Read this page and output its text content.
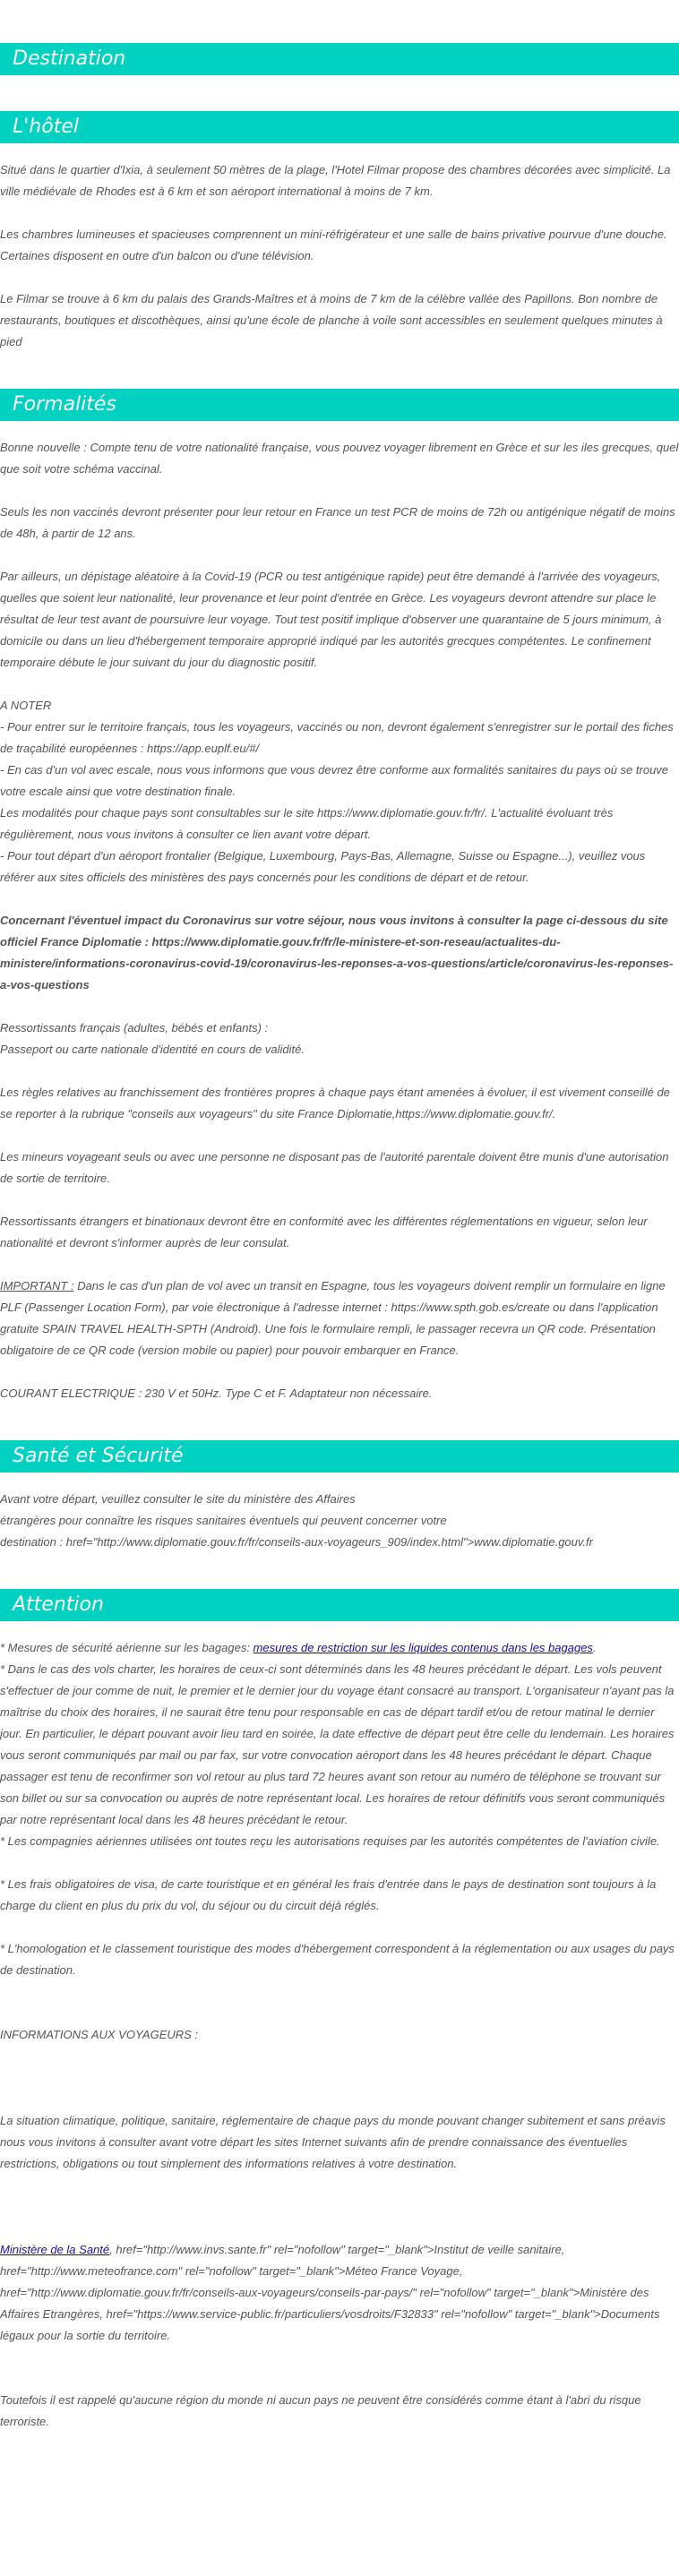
Destination
L'hôtel

Situé dans le quartier d'Ixia, à seulement 50 mètres de la plage, l'Hotel Filmar propose des chambres décorées avec simplicité. La ville médiévale de Rhodes est à 6 km et son aéroport international à moins de 7 km.

Les chambres lumineuses et spacieuses comprennent un mini-réfrigérateur et une salle de bains privative pourvue d'une douche. Certaines disposent en outre d'un balcon ou d'une télévision.

Le Filmar se trouve à 6 km du palais des Grands-Maîtres et à moins de 7 km de la célèbre vallée des Papillons. Bon nombre de restaurants, boutiques et discothèques, ainsi qu'une école de planche à voile sont accessibles en seulement quelques minutes à pied

Formalités

Bonne nouvelle : Compte tenu de votre nationalité française, vous pouvez voyager librement en Grèce et sur les iles grecques, quel que soit votre schéma vaccinal.

Seuls les non vaccinés devront présenter pour leur retour en France un test PCR de moins de 72h ou antigénique négatif de moins de 48h, à partir de 12 ans.

Par ailleurs, un dépistage aléatoire à la Covid-19 (PCR ou test antigénique rapide) peut être demandé à l'arrivée des voyageurs, quelles que soient leur nationalité, leur provenance et leur point d'entrée en Grèce. Les voyageurs devront attendre sur place le résultat de leur test avant de poursuivre leur voyage. Tout test positif implique d'observer une quarantaine de 5 jours minimum, à domicile ou dans un lieu d'hébergement temporaire approprié indiqué par les autorités grecques compétentes. Le confinement temporaire débute le jour suivant du jour du diagnostic positif.

A NOTER

- Pour entrer sur le territoire français, tous les voyageurs, vaccinés ou non, devront également s'enregistrer sur le portail des fiches de traçabilité européennes : https://app.euplf.eu/#/

- En cas d'un vol avec escale, nous vous informons que vous devrez être conforme aux formalités sanitaires du pays où se trouve votre escale ainsi que votre destination finale.

Les modalités pour chaque pays sont consultables sur le site https://www.diplomatie.gouv.fr/fr/. L'actualité évoluant très régulièrement, nous vous invitons à consulter ce lien avant votre départ.

- Pour tout départ d'un aéroport frontalier (Belgique, Luxembourg, Pays-Bas, Allemagne, Suisse ou Espagne...), veuillez vous référer aux sites officiels des ministères des pays concernés pour les conditions de départ et de retour.

Concernant l'éventuel impact du Coronavirus sur votre séjour, nous vous invitons à consulter la page ci-dessous du site officiel France Diplomatie : https://www.diplomatie.gouv.fr/fr/le-ministere-et-son-reseau/actualites-du-ministere/informations-coronavirus-covid-19/coronavirus-les-reponses-a-vos-questions/article/coronavirus-les-reponses-a-vos-questions

Ressortissants français (adultes, bébés et enfants) :

Passeport ou carte nationale d'identité en cours de validité.

Les règles relatives au franchissement des frontières propres à chaque pays étant amenées à évoluer, il est vivement conseillé de se reporter à la rubrique "conseils aux voyageurs" du site France Diplomatie,https://www.diplomatie.gouv.fr/.

Les mineurs voyageant seuls ou avec une personne ne disposant pas de l'autorité parentale doivent être munis d'une autorisation de sortie de territoire.

Ressortissants étrangers et binationaux devront être en conformité avec les différentes réglementations en vigueur, selon leur nationalité et devront s'informer auprès de leur consulat.

IMPORTANT : Dans le cas d'un plan de vol avec un transit en Espagne, tous les voyageurs doivent remplir un formulaire en ligne PLF (Passenger Location Form), par voie électronique à l'adresse internet : https://www.spth.gob.es/create ou dans l'application gratuite SPAIN TRAVEL HEALTH-SPTH (Android). Une fois le formulaire rempli, le passager recevra un QR code. Présentation obligatoire de ce QR code (version mobile ou papier) pour pouvoir embarquer en France.

COURANT ELECTRIQUE : 230 V et 50Hz. Type C et F. Adaptateur non nécessaire.

Santé et Sécurité

Avant votre départ, veuillez consulter le site du ministère des Affaires

étrangères pour connaître les risques sanitaires éventuels qui peuvent concerner votre

destination : href="http://www.diplomatie.gouv.fr/fr/conseils-aux-voyageurs_909/index.html">www.diplomatie.gouv.fr

Attention

* Mesures de sécurité aérienne sur les bagages: mesures de restriction sur les liquides contenus dans les bagages.

* Dans le cas des vols charter, les horaires de ceux-ci sont déterminés dans les 48 heures précédant le départ. Les vols peuvent s'effectuer de jour comme de nuit, le premier et le dernier jour du voyage étant consacré au transport. L'organisateur n'ayant pas la maîtrise du choix des horaires, il ne saurait être tenu pour responsable en cas de départ tardif et/ou de retour matinal le dernier jour. En particulier, le départ pouvant avoir lieu tard en soirée, la date effective de départ peut être celle du lendemain. Les horaires vous seront communiqués par mail ou par fax, sur votre convocation aéroport dans les 48 heures précédant le départ. Chaque passager est tenu de reconfirmer son vol retour au plus tard 72 heures avant son retour au numéro de téléphone se trouvant sur son billet ou sur sa convocation ou auprès de notre représentant local. Les horaires de retour définitifs vous seront communiqués par notre représentant local dans les 48 heures précédant le retour.

* Les compagnies aériennes utilisées ont toutes reçu les autorisations requises par les autorités compétentes de l'aviation civile.

* Les frais obligatoires de visa, de carte touristique et en général les frais d'entrée dans le pays de destination sont toujours à la charge du client en plus du prix du vol, du séjour ou du circuit déjà réglés.

* L'homologation et le classement touristique des modes d'hébergement correspondent à la réglementation ou aux usages du pays de destination.

INFORMATIONS AUX VOYAGEURS :

La situation climatique, politique, sanitaire, réglementaire de chaque pays du monde pouvant changer subitement et sans préavis

nous vous invitons à consulter avant votre départ les sites Internet suivants afin de prendre connaissance des éventuelles restrictions, obligations ou tout simplement des informations relatives à votre destination.

Ministère de la Santé, href="http://www.invs.sante.fr" rel="nofollow" target="_blank">Institut de veille sanitaire, href="http://www.meteofrance.com" rel="nofollow" target="_blank">Méteo France Voyage, href="http://www.diplomatie.gouv.fr/fr/conseils-aux-voyageurs/conseils-par-pays/" rel="nofollow" target="_blank">Ministère des Affaires Etrangères, href="https://www.service-public.fr/particuliers/vosdroits/F32833" rel="nofollow" target="_blank">Documents légaux pour la sortie du territoire.

Toutefois il est rappelé qu'aucune région du monde ni aucun pays ne peuvent être considérés comme étant à l'abri du risque terroriste.
